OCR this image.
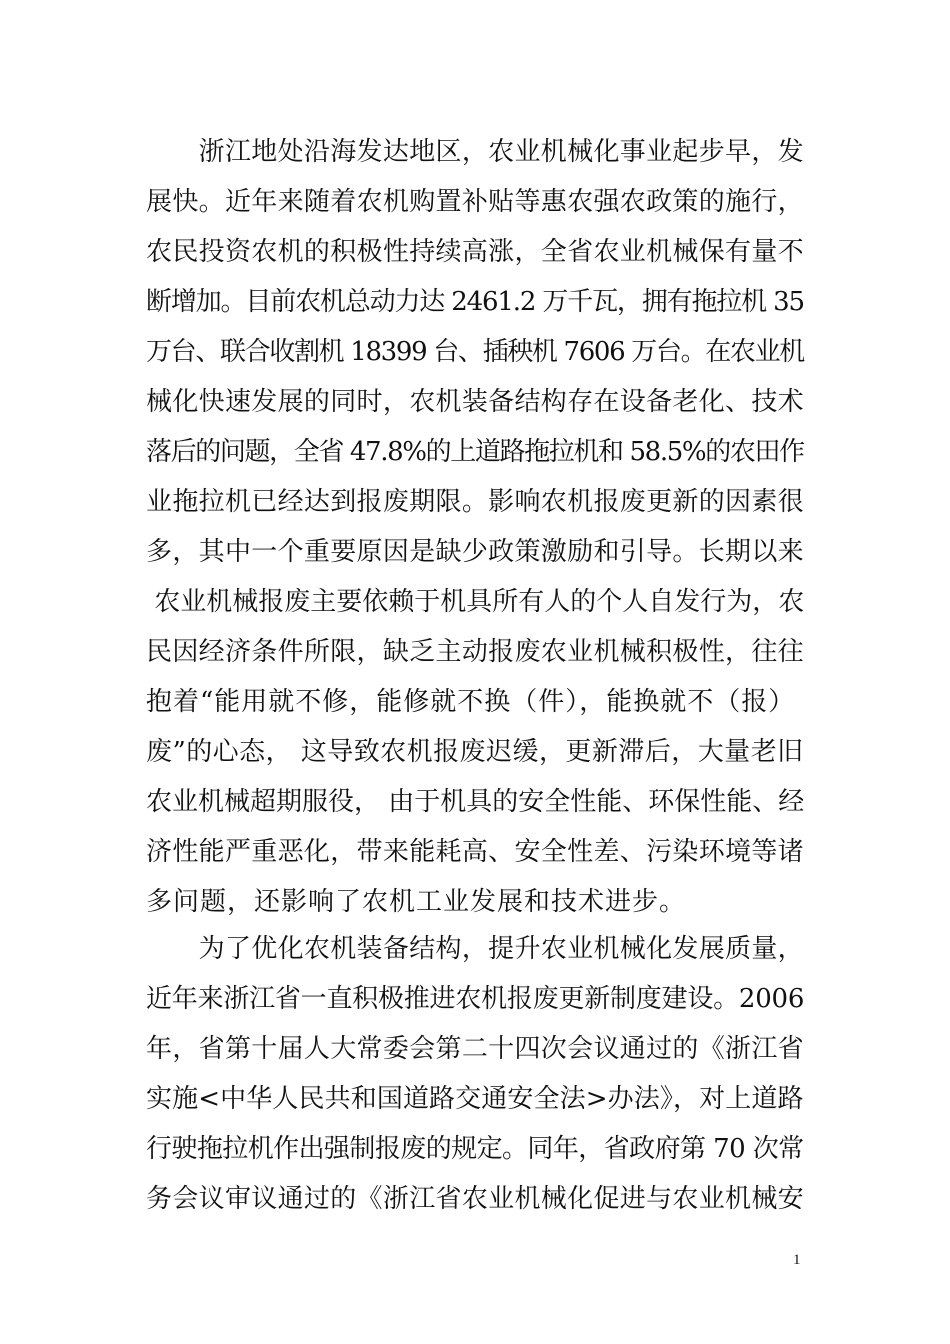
　　浙江地处沿海发达地区，农业机械化事业起步早，发
展快。近年来随着农机购置补贴等惠农强农政策的施行，
农民投资农机的积极性持续高涨，全省农业机械保有量不
断增加。目前农机总动力达 2461.2 万千瓦，拥有拖拉机 35
万台、联合收割机 18399 台、插秧机 7606 万台。在农业机
械化快速发展的同时，农机装备结构存在设备老化、技术
落后的问题，全省 47.8%的上道路拖拉机和 58.5%的农田作
业拖拉机已经达到报废期限。影响农机报废更新的因素很
多，其中一个重要原因是缺少政策激励和引导。长期以来
农业机械报废主要依赖于机具所有人的个人自发行为，农
民因经济条件所限，缺乏主动报废农业机械积极性，往往
抱着“能用就不修，能修就不换（件），能换就不（报）
废”的心态， 这导致农机报废迟缓，更新滞后，大量老旧
农业机械超期服役， 由于机具的安全性能、环保性能、经
济性能严重恶化，带来能耗高、安全性差、污染环境等诸
多问题，还影响了农机工业发展和技术进步。
　　为了优化农机装备结构，提升农业机械化发展质量，
近年来浙江省一直积极推进农机报废更新制度建设。2006
年，省第十届人大常委会第二十四次会议通过的《浙江省
实施<中华人民共和国道路交通安全法>办法》，对上道路
行驶拖拉机作出强制报废的规定。同年，省政府第 70 次常
务会议审议通过的《浙江省农业机械化促进与农业机械安
1
